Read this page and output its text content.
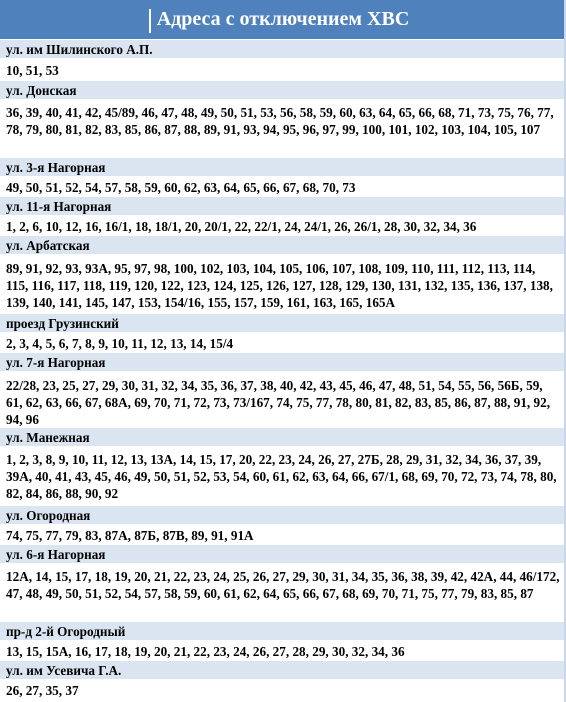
Адреса с отключением ХВС
ул. им Шилинского А.П.
10, 51, 53
ул. Донская
36, 39, 40, 41, 42, 45/89, 46, 47, 48, 49, 50, 51, 53, 56, 58, 59, 60, 63, 64, 65, 66, 68, 71, 73, 75, 76, 77, 78, 79, 80, 81, 82, 83, 85, 86, 87, 88, 89, 91, 93, 94, 95, 96, 97, 99, 100, 101, 102, 103, 104, 105, 107
ул. 3-я Нагорная
49, 50, 51, 52, 54, 57, 58, 59, 60, 62, 63, 64, 65, 66, 67, 68, 70, 73
ул. 11-я Нагорная
1, 2, 6, 10, 12, 16, 16/1, 18, 18/1, 20, 20/1, 22, 22/1, 24, 24/1, 26, 26/1, 28, 30, 32, 34, 36
ул. Арбатская
89, 91, 92, 93, 93А, 95, 97, 98, 100, 102, 103, 104, 105, 106, 107, 108, 109, 110, 111, 112, 113, 114, 115, 116, 117, 118, 119, 120, 122, 123, 124, 125, 126, 127, 128, 129, 130, 131, 132, 135, 136, 137, 138, 139, 140, 141, 145, 147, 153, 154/16, 155, 157, 159, 161, 163, 165, 165А
проезд Грузинский
2, 3, 4, 5, 6, 7, 8, 9, 10, 11, 12, 13, 14, 15/4
ул. 7-я Нагорная
22/28, 23, 25, 27, 29, 30, 31, 32, 34, 35, 36, 37, 38, 40, 42, 43, 45, 46, 47, 48, 51, 54, 55, 56, 56Б, 59, 61, 62, 63, 66, 67, 68А, 69, 70, 71, 72, 73, 73/167, 74, 75, 77, 78, 80, 81, 82, 83, 85, 86, 87, 88, 91, 92, 94, 96
ул. Манежная
1, 2, 3, 8, 9, 10, 11, 12, 13, 13А, 14, 15, 17, 20, 22, 23, 24, 26, 27, 27Б, 28, 29, 31, 32, 34, 36, 37, 39, 39А, 40, 41, 43, 45, 46, 49, 50, 51, 52, 53, 54, 60, 61, 62, 63, 64, 66, 67/1, 68, 69, 70, 72, 73, 74, 78, 80, 82, 84, 86, 88, 90, 92
ул. Огородная
74, 75, 77, 79, 83, 87А, 87Б, 87В, 89, 91, 91А
ул. 6-я Нагорная
12А, 14, 15, 17, 18, 19, 20, 21, 22, 23, 24, 25, 26, 27, 29, 30, 31, 34, 35, 36, 38, 39, 42, 42А, 44, 46/172, 47, 48, 49, 50, 51, 52, 54, 57, 58, 59, 60, 61, 62, 64, 65, 66, 67, 68, 69, 70, 71, 75, 77, 79, 83, 85, 87
пр-д 2-й Огородный
13, 15, 15А, 16, 17, 18, 19, 20, 21, 22, 23, 24, 26, 27, 28, 29, 30, 32, 34, 36
ул. им Усевича Г.А.
26, 27, 35, 37
